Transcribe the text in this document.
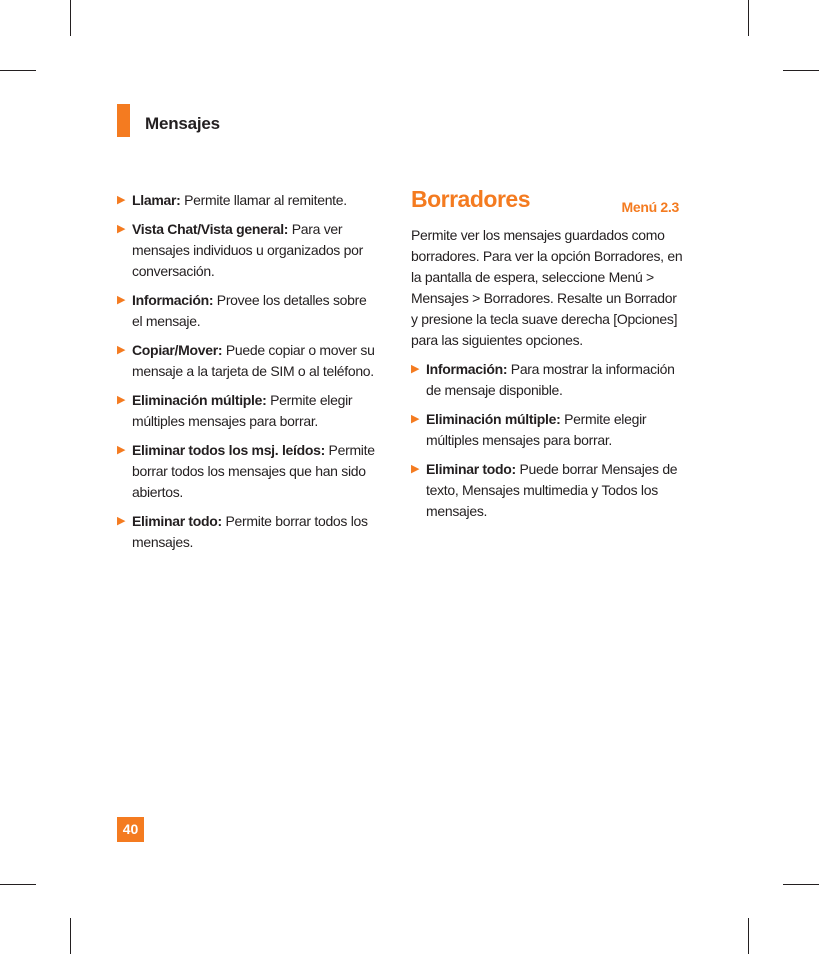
Mensajes
▶ Llamar: Permite llamar al remitente.
▶ Vista Chat/Vista general: Para ver mensajes individuos u organizados por conversación.
▶ Información: Provee los detalles sobre el mensaje.
▶ Copiar/Mover: Puede copiar o mover su mensaje a la tarjeta de SIM o al teléfono.
▶ Eliminación múltiple: Permite elegir múltiples mensajes para borrar.
▶ Eliminar todos los msj. leídos: Permite borrar todos los mensajes que han sido abiertos.
▶ Eliminar todo: Permite borrar todos los mensajes.
Borradores	Menú 2.3

Permite ver los mensajes guardados como borradores. Para ver la opción Borradores, en la pantalla de espera, seleccione Menú > Mensajes > Borradores. Resalte un Borrador y presione la tecla suave derecha [Opciones] para las siguientes opciones.

▶ Información: Para mostrar la información de mensaje disponible.
▶ Eliminación múltiple: Permite elegir múltiples mensajes para borrar.
▶ Eliminar todo: Puede borrar Mensajes de texto, Mensajes multimedia y Todos los mensajes.
40
